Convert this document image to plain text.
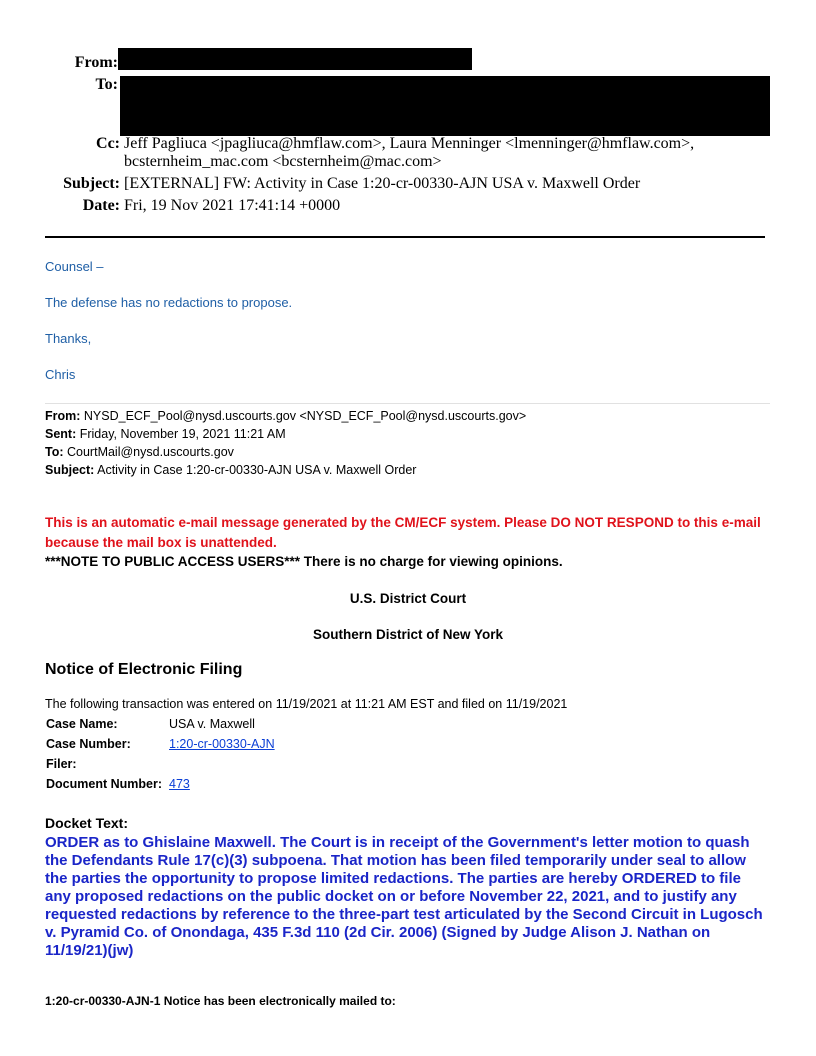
From:
To:
Cc: Jeff Pagliuca <jpagliuca@hmflaw.com>, Laura Menninger <lmenninger@hmflaw.com>,
bcsternheim_mac.com <bcsternheim@mac.com>
Subject: [EXTERNAL] FW: Activity in Case 1:20-cr-00330-AJN USA v. Maxwell Order
Date: Fri, 19 Nov 2021 17:41:14 +0000
Counsel –
The defense has no redactions to propose.
Thanks,
Chris
From: NYSD_ECF_Pool@nysd.uscourts.gov <NYSD_ECF_Pool@nysd.uscourts.gov>
Sent: Friday, November 19, 2021 11:21 AM
To: CourtMail@nysd.uscourts.gov
Subject: Activity in Case 1:20-cr-00330-AJN USA v. Maxwell Order
This is an automatic e-mail message generated by the CM/ECF system. Please DO NOT RESPOND to this e-mail because the mail box is unattended.
***NOTE TO PUBLIC ACCESS USERS*** There is no charge for viewing opinions.
U.S. District Court
Southern District of New York
Notice of Electronic Filing
The following transaction was entered on 11/19/2021 at 11:21 AM EST and filed on 11/19/2021
Case Name:	USA v. Maxwell
Case Number:	1:20-cr-00330-AJN
Filer:
Document Number: 473
Docket Text:
ORDER as to Ghislaine Maxwell. The Court is in receipt of the Government's letter motion to quash the Defendants Rule 17(c)(3) subpoena. That motion has been filed temporarily under seal to allow the parties the opportunity to propose limited redactions. The parties are hereby ORDERED to file any proposed redactions on the public docket on or before November 22, 2021, and to justify any requested redactions by reference to the three-part test articulated by the Second Circuit in Lugosch v. Pyramid Co. of Onondaga, 435 F.3d 110 (2d Cir. 2006) (Signed by Judge Alison J. Nathan on 11/19/21)(jw)
1:20-cr-00330-AJN-1 Notice has been electronically mailed to:
